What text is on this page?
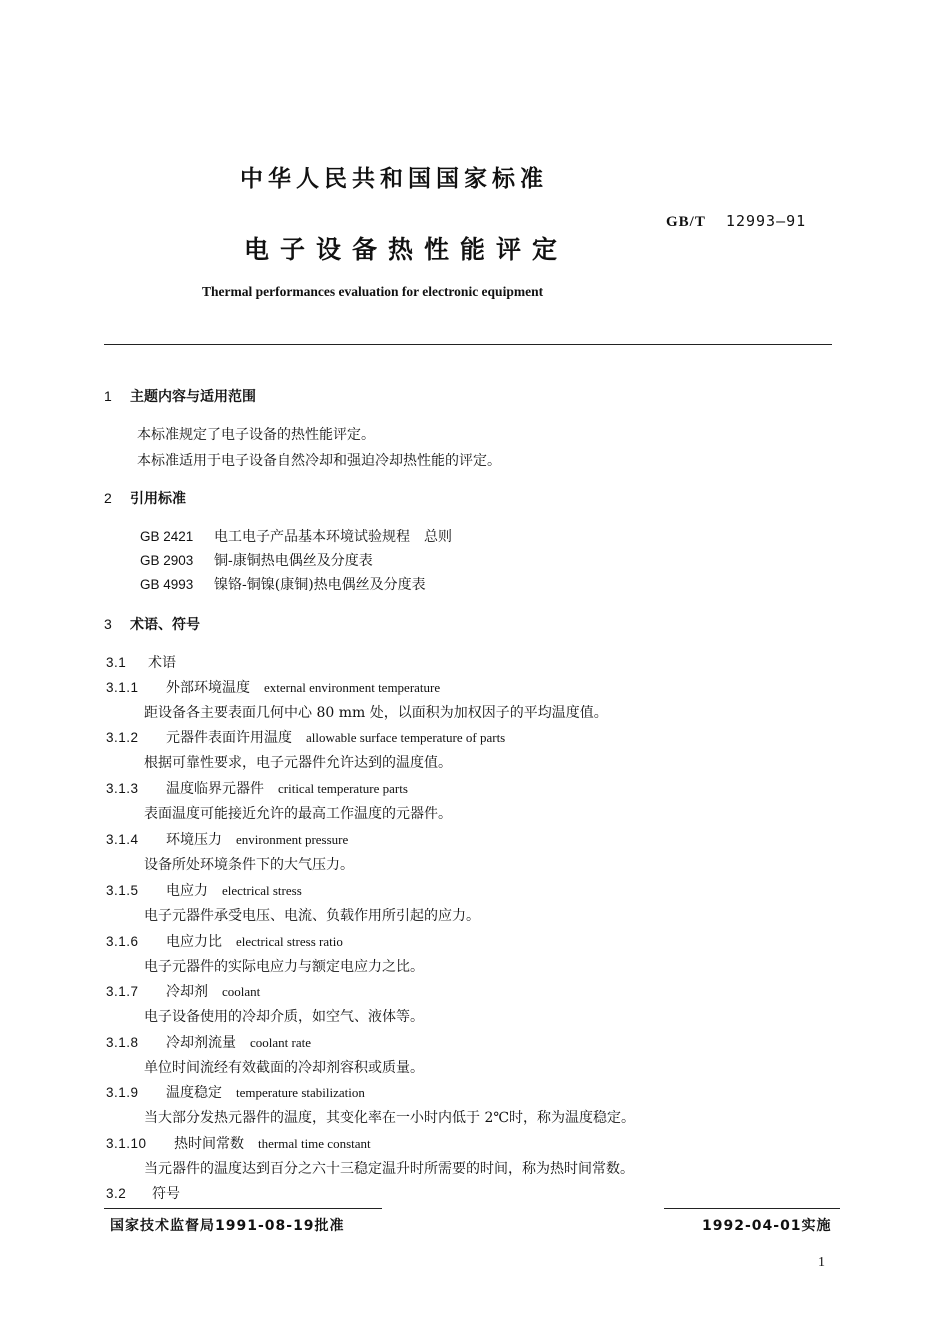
中华人民共和国国家标准
GB/T 12993—91
电子设备热性能评定
Thermal performances evaluation for electronic equipment
1 主题内容与适用范围
本标准规定了电子设备的热性能评定。
本标准适用于电子设备自然冷却和强迫冷却热性能的评定。
2 引用标准
GB 2421 电工电子产品基本环境试验规程　总则
GB 2903 铜-康铜热电偶丝及分度表
GB 4993 镍铬-铜镍(康铜)热电偶丝及分度表
3 术语、符号
3.1 术语
3.1.1 外部环境温度 external environment temperature
距设备各主要表面几何中心 80 mm 处，以面积为加权因子的平均温度值。
3.1.2 元器件表面许用温度 allowable surface temperature of parts
根据可靠性要求，电子元器件允许达到的温度值。
3.1.3 温度临界元器件 critical temperature parts
表面温度可能接近允许的最高工作温度的元器件。
3.1.4 环境压力 environment pressure
设备所处环境条件下的大气压力。
3.1.5 电应力 electrical stress
电子元器件承受电压、电流、负载作用所引起的应力。
3.1.6 电应力比 electrical stress ratio
电子元器件的实际电应力与额定电应力之比。
3.1.7 冷却剂 coolant
电子设备使用的冷却介质，如空气、液体等。
3.1.8 冷却剂流量 coolant rate
单位时间流经有效截面的冷却剂容积或质量。
3.1.9 温度稳定 temperature stabilization
当大部分发热元器件的温度，其变化率在一小时内低于 2℃时，称为温度稳定。
3.1.10 热时间常数 thermal time constant
当元器件的温度达到百分之六十三稳定温升时所需要的时间，称为热时间常数。
3.2 符号
国家技术监督局1991-08-19批准	1992-04-01实施
1
